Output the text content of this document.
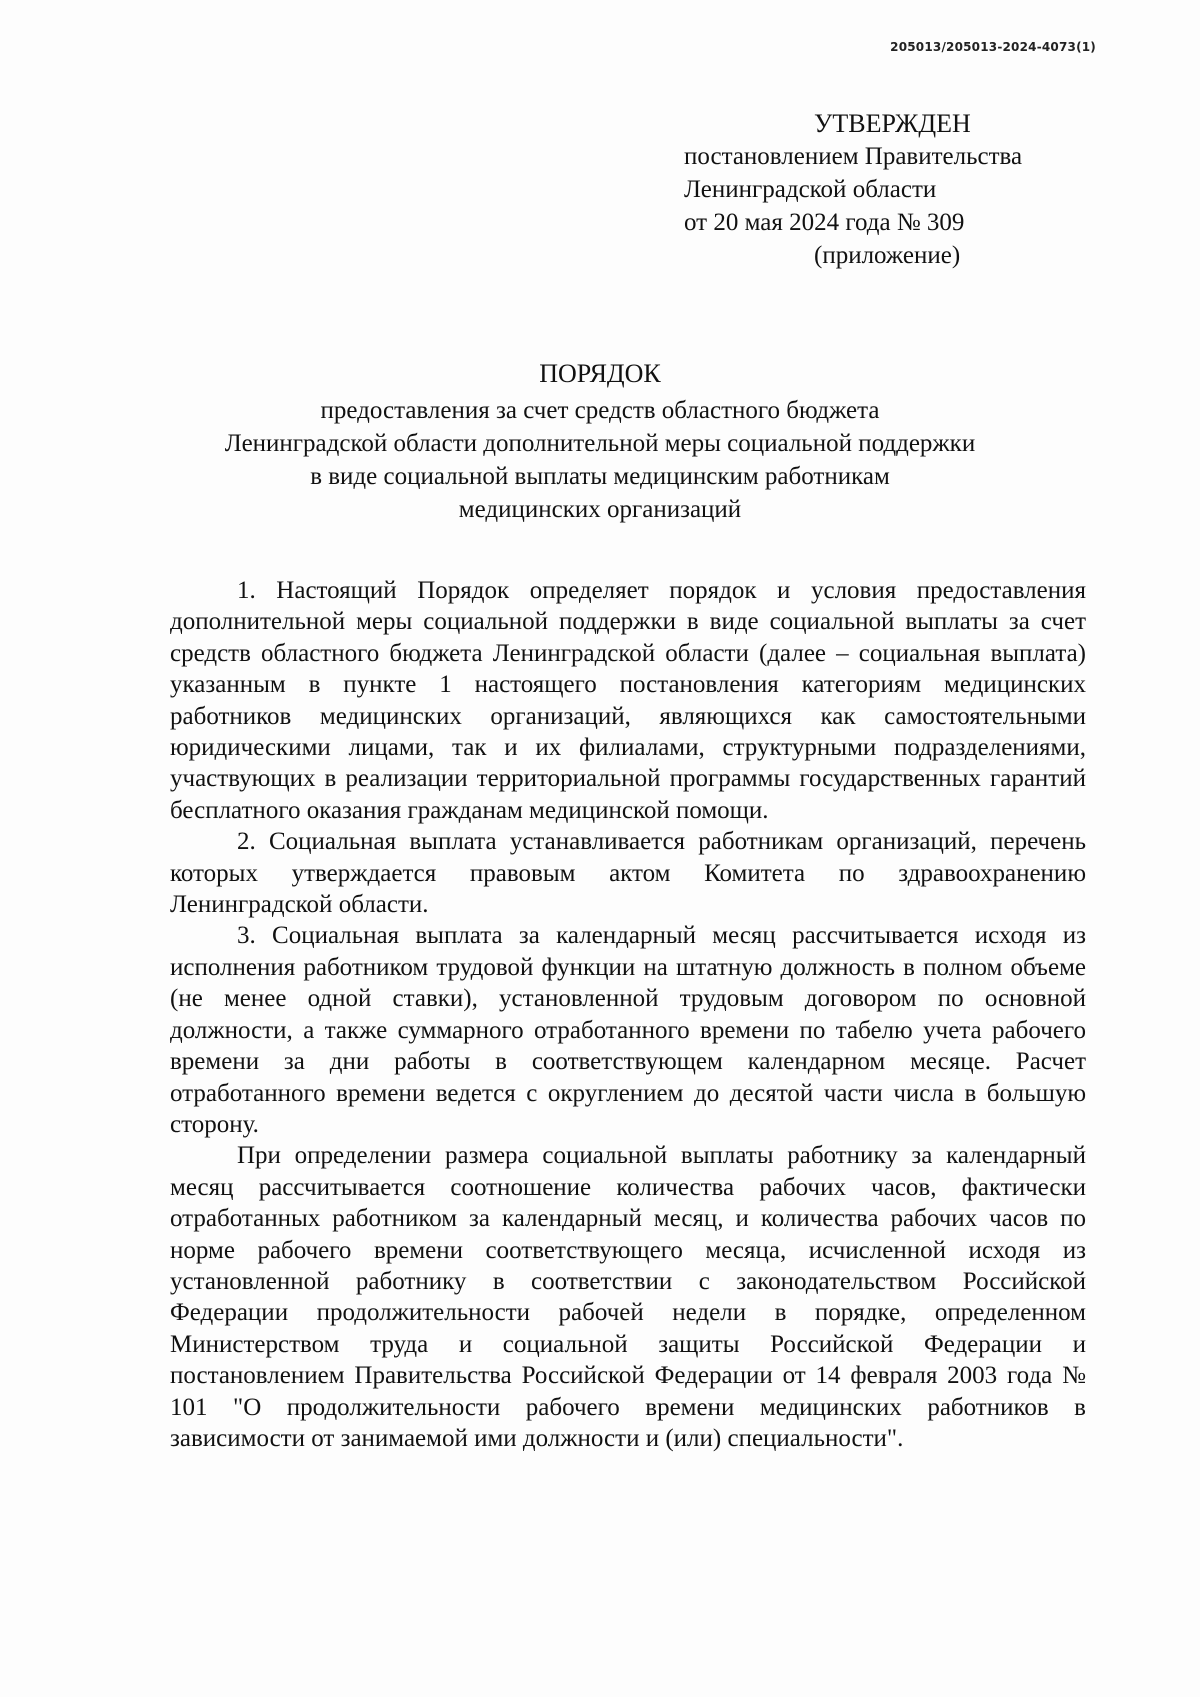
205013/205013-2024-4073(1)
УТВЕРЖДЕН
постановлением Правительства
Ленинградской области
от 20 мая 2024 года № 309
(приложение)
ПОРЯДОК
предоставления за счет средств областного бюджета
Ленинградской области дополнительной меры социальной поддержки
в виде социальной выплаты медицинским работникам
медицинских организаций

1. Настоящий Порядок определяет порядок и условия предоставления дополнительной меры социальной поддержки в виде социальной выплаты за счет средств областного бюджета Ленинградской области (далее – социальная выплата) указанным в пункте 1 настоящего постановления категориям медицинских работников медицинских организаций, являющихся как самостоятельными юридическими лицами, так и их филиалами, структурными подразделениями, участвующих в реализации территориальной программы государственных гарантий бесплатного оказания гражданам медицинской помощи.

2. Социальная выплата устанавливается работникам организаций, перечень которых утверждается правовым актом Комитета по здравоохранению Ленинградской области.

3. Социальная выплата за календарный месяц рассчитывается исходя из исполнения работником трудовой функции на штатную должность в полном объеме (не менее одной ставки), установленной трудовым договором по основной должности, а также суммарного отработанного времени по табелю учета рабочего времени за дни работы в соответствующем календарном месяце. Расчет отработанного времени ведется с округлением до десятой части числа в большую сторону.

При определении размера социальной выплаты работнику за календарный месяц рассчитывается соотношение количества рабочих часов, фактически отработанных работником за календарный месяц, и количества рабочих часов по норме рабочего времени соответствующего месяца, исчисленной исходя из установленной работнику в соответствии с законодательством Российской Федерации продолжительности рабочей недели в порядке, определенном Министерством труда и социальной защиты Российской Федерации и постановлением Правительства Российской Федерации от 14 февраля 2003 года № 101 "О продолжительности рабочего времени медицинских работников в зависимости от занимаемой ими должности и (или) специальности".
